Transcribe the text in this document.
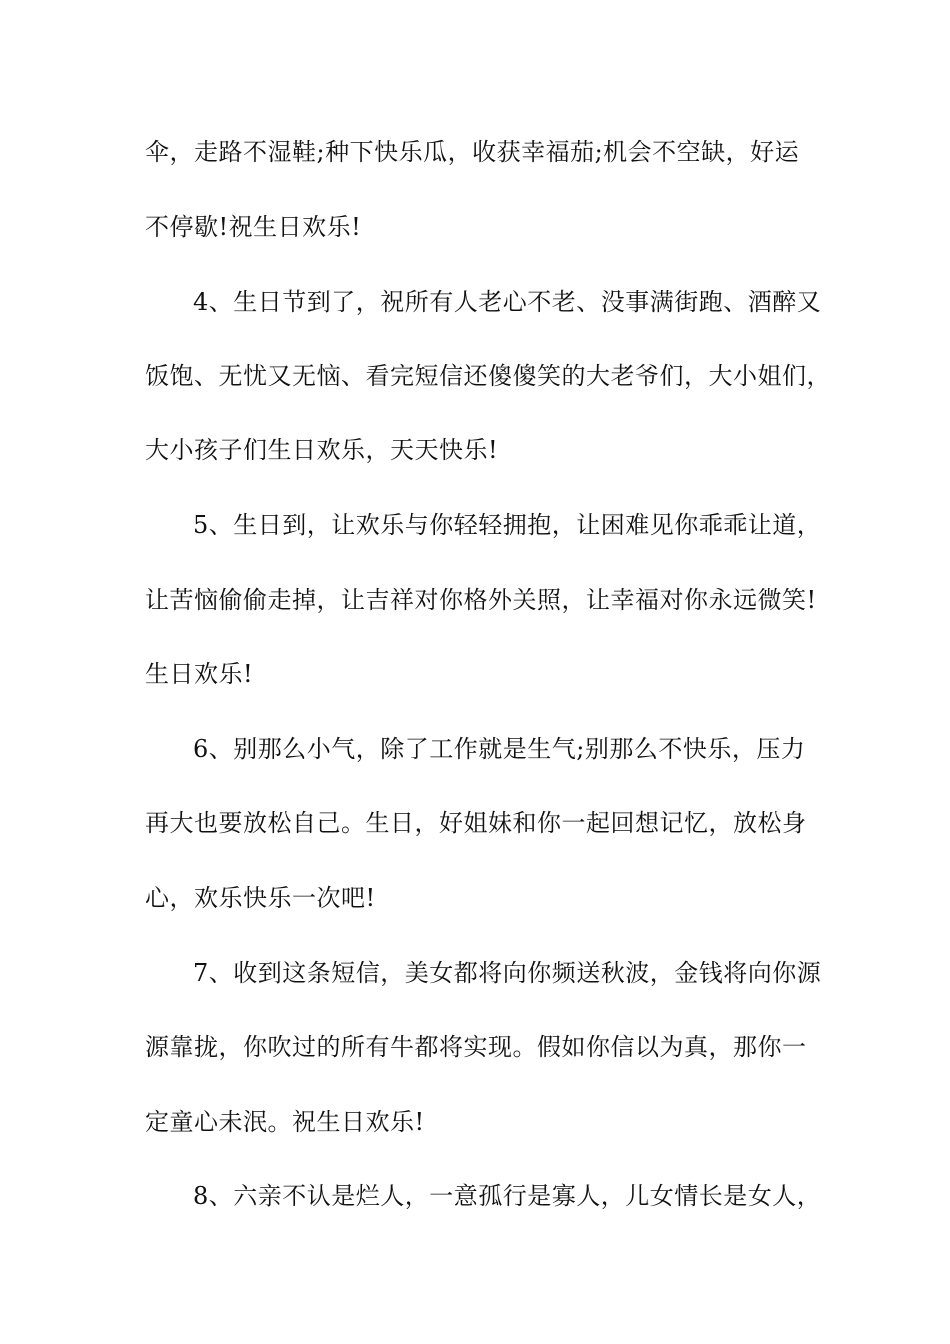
伞，走路不湿鞋;种下快乐瓜，收获幸福茄;机会不空缺，好运
不停歇!祝生日欢乐!
4、生日节到了，祝所有人老心不老、没事满街跑、酒醉又
饭饱、无忧又无恼、看完短信还傻傻笑的大老爷们，大小姐们，
大小孩子们生日欢乐，天天快乐!
5、生日到，让欢乐与你轻轻拥抱，让困难见你乖乖让道，
让苦恼偷偷走掉，让吉祥对你格外关照，让幸福对你永远微笑!
生日欢乐!
6、别那么小气，除了工作就是生气;别那么不快乐，压力
再大也要放松自己。生日，好姐妹和你一起回想记忆，放松身
心，欢乐快乐一次吧!
7、收到这条短信，美女都将向你频送秋波，金钱将向你源
源靠拢，你吹过的所有牛都将实现。假如你信以为真，那你一
定童心未泯。祝生日欢乐!
8、六亲不认是烂人，一意孤行是寡人，儿女情长是女人，
